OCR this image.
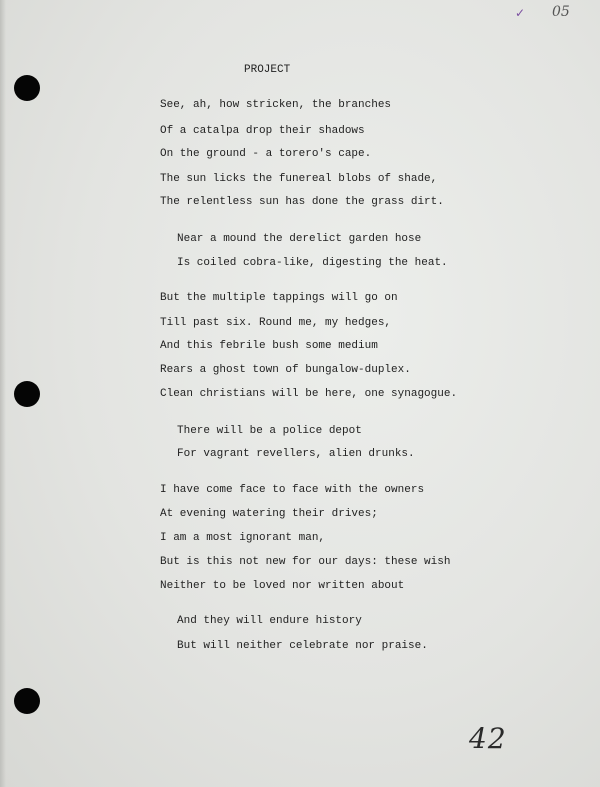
✓ 05
PROJECT
See, ah, how stricken, the branches
Of a catalpa drop their shadows
On the ground - a torero's cape.
The sun licks the funereal blobs of shade,
The relentless sun has done the grass dirt.
Near a mound the derelict garden hose
Is coiled cobra-like, digesting the heat.
But the multiple tappings will go on
Till past six. Round me, my hedges,
And this febrile bush some medium
Rears a ghost town of bungalow-duplex.
Clean christians will be here, one synagogue.
There will be a police depot
For vagrant revellers, alien drunks.
I have come face to face with the owners
At evening watering their drives;
I am a most ignorant man,
But is this not new for our days: these wish
Neither to be loved nor written about
And they will endure history
But will neither celebrate nor praise.
42
